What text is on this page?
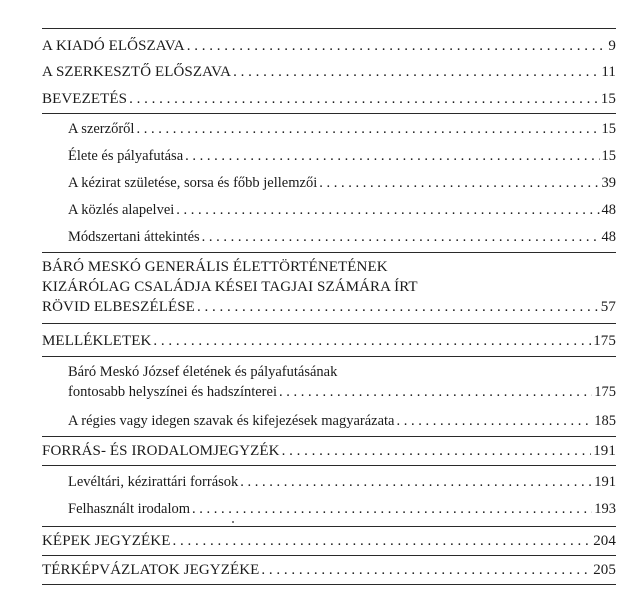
A KIADÓ ELŐSZAVA . . .	9
A SZERKESZTŐ ELŐSZAVA . . .	11
BEVEZETÉS . . .	15
A szerzőről . . .	15
Élete és pályafutása . . .	15
A kézirat születése, sorsa és főbb jellemzői . . .	39
A közlés alapelvei . . .	48
Módszertani áttekintés . . .	48
BÁRÓ MESKÓ GENERÁLIS ÉLETTÖRTÉNETÉNEK
KIZÁRÓLAG CSALÁDJA KÉSEI TAGJAI SZÁMÁRA ÍRT
RÖVID ELBESZÉLÉSE . . .	57
MELLÉKLETEK . . .	175
Báró Meskó József életének és pályafutásának
fontosabb helyszínei és hadszínterei . . .	175
A régies vagy idegen szavak és kifejezések magyarázata . . .	185
FORRÁS- ÉS IRODALOMJEGYZÉK . . .	191
Levéltári, kézirattári források . . .	191
Felhasznált irodalom . . .	193
KÉPEK JEGYZÉKE . . .	204
TÉRKÉPVÁZLATOK JEGYZÉKE . . .	205
